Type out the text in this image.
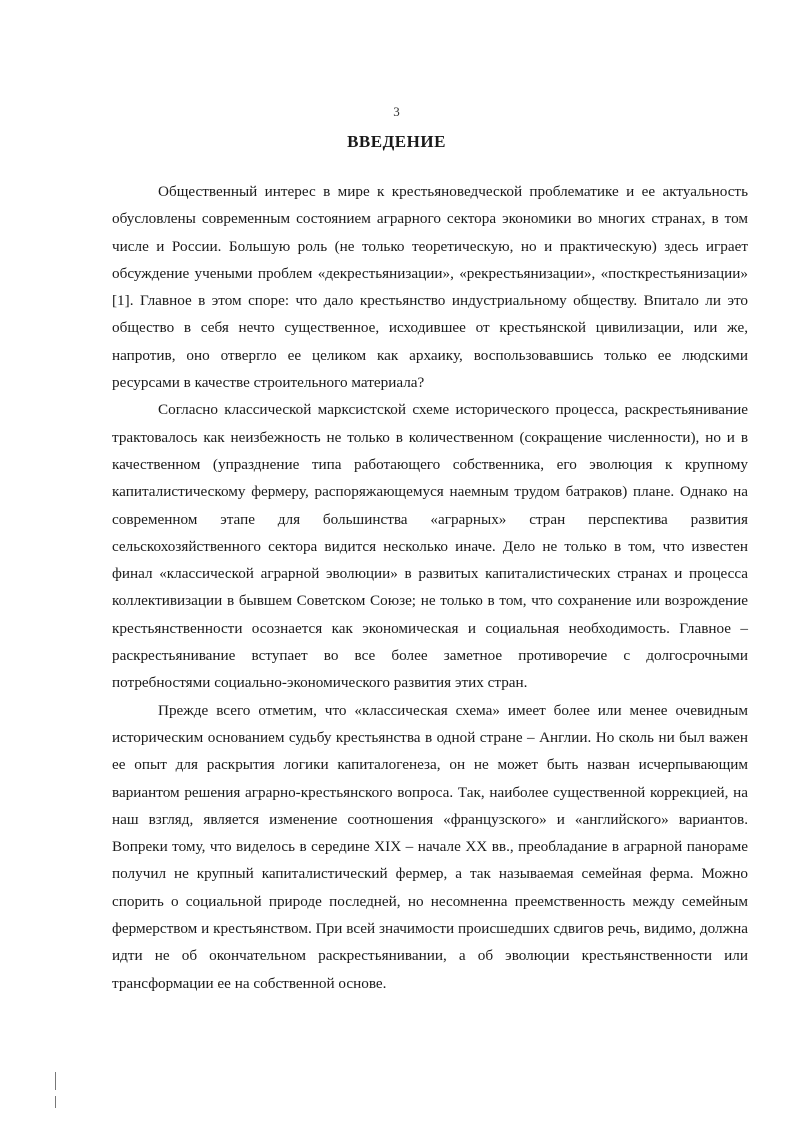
3
ВВЕДЕНИЕ

Общественный интерес в мире к крестьяноведческой проблематике и ее актуальность обусловлены современным состоянием аграрного сектора экономики во многих странах, в том числе и России. Большую роль (не только теоретическую, но и практическую) здесь играет обсуждение учеными проблем «декрестьянизации», «рекрестьянизации», «посткрестьянизации» [1]. Главное в этом споре: что дало крестьянство индустриальному обществу. Впитало ли это общество в себя нечто существенное, исходившее от крестьянской цивилизации, или же, напротив, оно отвергло ее целиком как архаику, воспользовавшись только ее людскими ресурсами в качестве строительного материала?

Согласно классической марксистской схеме исторического процесса, раскрестьянивание трактовалось как неизбежность не только в количественном (сокращение численности), но и в качественном (упразднение типа работающего собственника, его эволюция к крупному капиталистическому фермеру, распоряжающемуся наемным трудом батраков) плане. Однако на современном этапе для большинства «аграрных» стран перспектива развития сельскохозяйственного сектора видится несколько иначе. Дело не только в том, что известен финал «классической аграрной эволюции» в развитых капиталистических странах и процесса коллективизации в бывшем Советском Союзе; не только в том, что сохранение или возрождение крестьянственности осознается как экономическая и социальная необходимость. Главное – раскрестьянивание вступает во все более заметное противоречие с долгосрочными потребностями социально-экономического развития этих стран.

Прежде всего отметим, что «классическая схема» имеет более или менее очевидным историческим основанием судьбу крестьянства в одной стране – Англии. Но сколь ни был важен ее опыт для раскрытия логики капиталогенеза, он не может быть назван исчерпывающим вариантом решения аграрно-крестьянского вопроса. Так, наиболее существенной коррекцией, на наш взгляд, является изменение соотношения «французского» и «английского» вариантов. Вопреки тому, что виделось в середине XIX – начале XX вв., преобладание в аграрной панораме получил не крупный капиталистический фермер, а так называемая семейная ферма. Можно спорить о социальной природе последней, но несомненна преемственность между семейным фермерством и крестьянством. При всей значимости происшедших сдвигов речь, видимо, должна идти не об окончательном раскрестьянивании, а об эволюции крестьянственности или трансформации ее на собственной основе.
